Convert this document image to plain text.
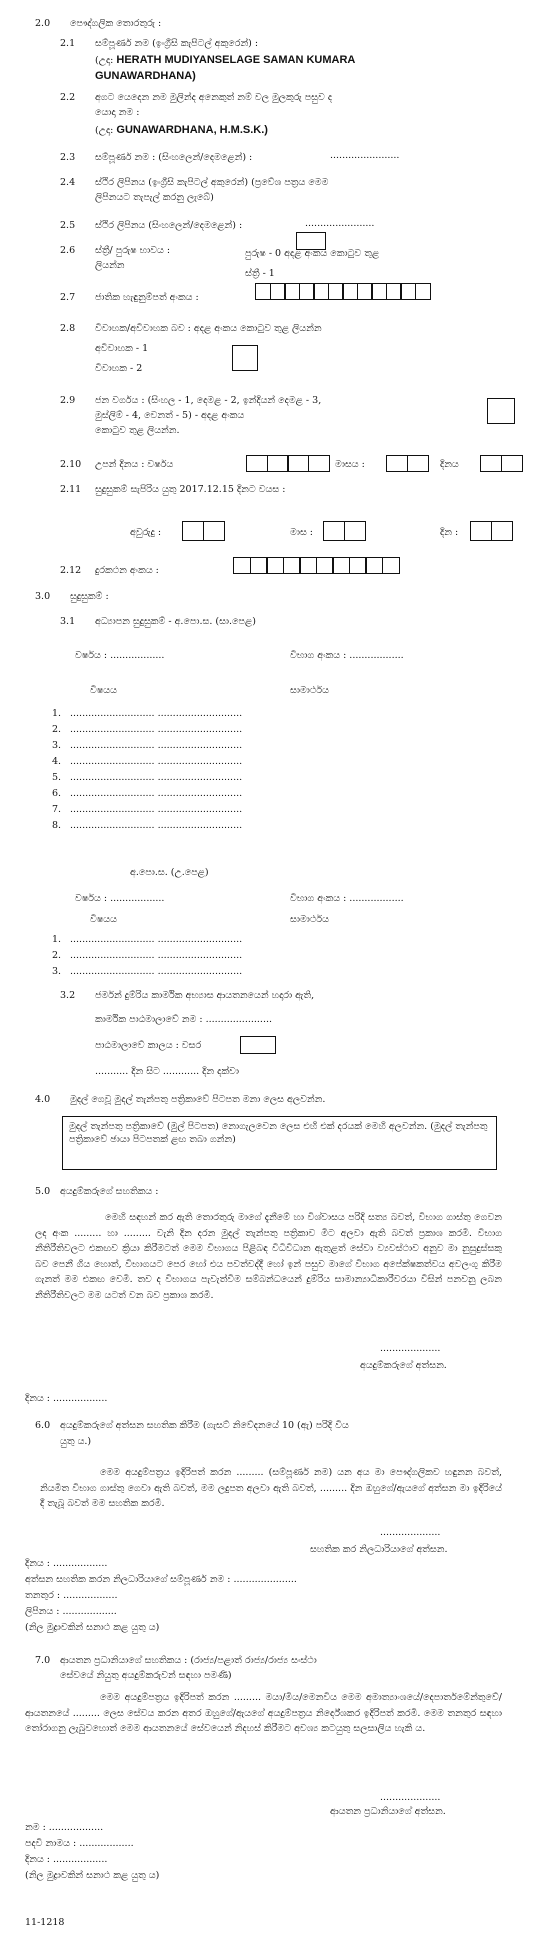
2.0 පෞද්ගලික තොරතුරු :
2.1 සම්පූර්ණ නම (ඉංග්‍රීසි කැපිටල් අකුරෙන්) :
(උදා: HERATH MUDIYANSELAGE SAMAN KUMARA
GUNAWARDHANA)
2.2 අගට යෙදෙන නම මුලින්ද අනෙකුත් නම් වල මුලකුරු පසුව ද
යොදා නම :
(උදා: GUNAWARDHANA, H.M.S.K.)
2.3 සම්පූර්ණ නම : (සිංහලෙන්/දෙමළෙන්) :	.......................
2.4 ස්ථිර ලිපිනය (ඉංග්‍රීසි කැපිටල් අකුරෙන්) (ප්‍රවේශ පත්‍රය මෙම
ලිපිනයට තැපැල් කරනු ලැබේ)
2.5 ස්ථිර ලිපිනය (සිංහලෙන්/දෙමළෙන්) :	.......................
2.6 ස්ත්‍රී/ පුරුෂ භාවය :
ලියන්න
පුරුෂ - 0 අදළ අංකය කොටුව තුළ
ස්ත්‍රී - 1
2.7 ජාතික හැඳුනුම්පත් අංකය :
2.8 විවාහක/අවිවාහක බව : අදළ අංකය කොටුව තුළ ලියන්න
අවිවාහක - 1
විවාහක - 2
2.9 ජන වර්ගය : (සිංහල - 1, දෙමළ - 2, ඉන්දියන් දෙමළ - 3,
මුස්ලිම් - 4, වෙනත් - 5) - අදළ අංකය
කොටුව තුළ ලියන්න.
2.10 උපන් දිනය : වර්ෂය	මාසය :	දිනය
2.11 සුදුසුකම් සැපිරිය යුතු 2017.12.15 දිනට වයස :
අවුරුදු :	මාස :	දින :
2.12 දුරකථන අංකය :
3.0 සුදුසුකම් :
3.1 අධ්‍යාපන සුදුසුකම් - අ.පො.ස. (සා.පෙළ)
වර්ෂය : ..................	විභාග අංකය : ..................
විෂයය	සාමාර්ථය
1. ............................ ............................
2. ............................ ............................
3. ............................ ............................
4. ............................ ............................
5. ............................ ............................
6. ............................ ............................
7. ............................ ............................
8. ............................ ............................
අ.පො.ස. (උ.පෙළ)
වර්ෂය : ..................	විභාග අංකය : ..................
විෂයය	සාමාර්ථය
1. ............................ ............................
2. ............................ ............................
3. ............................ ............................
3.2 ජර්මන් දුම්රිය කාර්මික අභ්‍යාස ආයතනයෙන් හදාරා ඇති,
කාර්මික පාඨමාලාවේ නම : ......................
පාඨමාලාවේ කාලය : වසර
........... දින සිට ............ දින දක්වා
4.0 මුදල් ගෙවූ මුදල් තැන්පතු පත්‍රිකාවේ පිටපත මනා ලෙස අලවන්න.
මුදල් තැන්පතු පත්‍රිකාවේ (මුල් පිටපත) නොගැලවෙන ලෙස එහි එක් දරයක් මෙහි අලවන්න. (මුදල් තැන්පතු පත්‍රිකාවේ ඡායා පිටපතක් ළඟ තබා ගන්න)
5.0 අයදුම්කරුගේ සහතිකය :
මෙහි සඳහන් කර ඇති තොරතුරු මාගේ දැනීමේ හා විශ්වාසය පරිදි සත්‍ය බවත්, විභාග ගාස්තු ගෙවන ලද අංක ......... හා ......... වැනි දින දරන මුදල් තැන්පතු පත්‍රිකාව මීට අලවා ඇති බවත් ප්‍රකාශ කරමි. විභාග නීතිරීතිවලට එකඟව ක්‍රියා කිරීමටත් මෙම විභාගය පිළිබඳ විධිවිධාන ඇතුළත් සේවා ව්‍යවස්ථාව අනුව මා නුසුදුස්සකු බව පෙනී ගිය හොත්, විභාගයට පෙර හෝ එය පවත්වද්දී හෝ ඉන් පසුව මාගේ විභාග අපේක්ෂකත්වය අවලංගු කිරීම ගැනත් මම එකඟ වෙමි. තව ද විභාගය පැවැත්වීම සම්බන්ධයෙන් දුම්රිය සාමාන්‍යාධිකාරීවරයා විසින් පනවනු ලබන නීතිරීතිවලට මම යටත් වන බව ප්‍රකාශ කරමි.
....................
අයදුම්කරුගේ අත්සන.
දිනය : ..................
6.0 අයදුම්කරුගේ අත්සන සහතික කිරීම (ගැසට් නිවේදනයේ 10 (ඇ) පරිදි විය
යුතු ය.)
මෙම අයදුම්පත්‍රය ඉදිරිපත් කරන ......... (සම්පූර්ණ නම) යන අය මා පෞද්ගලිකව හඳුනන බවත්, නියමිත විභාග ගාස්තු ගෙවා ඇති බවත්, මම ලදුපත අලවා ඇති බවත්, ......... දින ඔහුගේ/ඇයගේ අත්සන මා ඉදිරියේ දී තැබූ බවත් මම සහතික කරමි.
....................
සහතික කර නිලධාරියාගේ අත්සන.
දිනය : ..................
අත්සන සහතික කරන නිලධාරියාගේ සම්පූර්ණ නම : .....................
තනතුර : ..................
ලිපිනය : ..................
(නිල මුද්‍රාවකින් සනාථ කළ යුතු ය)
7.0 ආයතන ප්‍රධානියාගේ සහතිකය : (රාජ්‍ය/පළාත් රාජ්‍ය/රාජ්‍ය සංස්ථා
සේවයේ නියුතු අයදුම්කරුවන් සඳහා පමණි)
මෙම අයදුම්පත්‍රය ඉදිරිපත් කරන ......... මයා/මිය/මෙනවිය මෙම අමාත්‍යාංශයේ/දෙපාර්තමේන්තුවේ/ආයතනයේ ......... ලෙස සේවය කරන අතර ඔහුගේ/ඇයගේ අයදුම්පත්‍රය නිර්දේශකර ඉදිරිපත් කරමි. මෙම තනතුර සඳහා තෝරාගනු ලැබුවහොත් මෙම ආයතනයේ සේවයෙන් නිදහස් කිරීමට අවශ්‍ය කටයුතු සලසාලිය හැකි ය.
....................
ආයතන ප්‍රධානියාගේ අත්සන.
නම : ..................
පදවි නාමය : ..................
දිනය : ..................
(නිල මුද්‍රාවකින් සනාථ කළ යුතු ය)
11-1218
